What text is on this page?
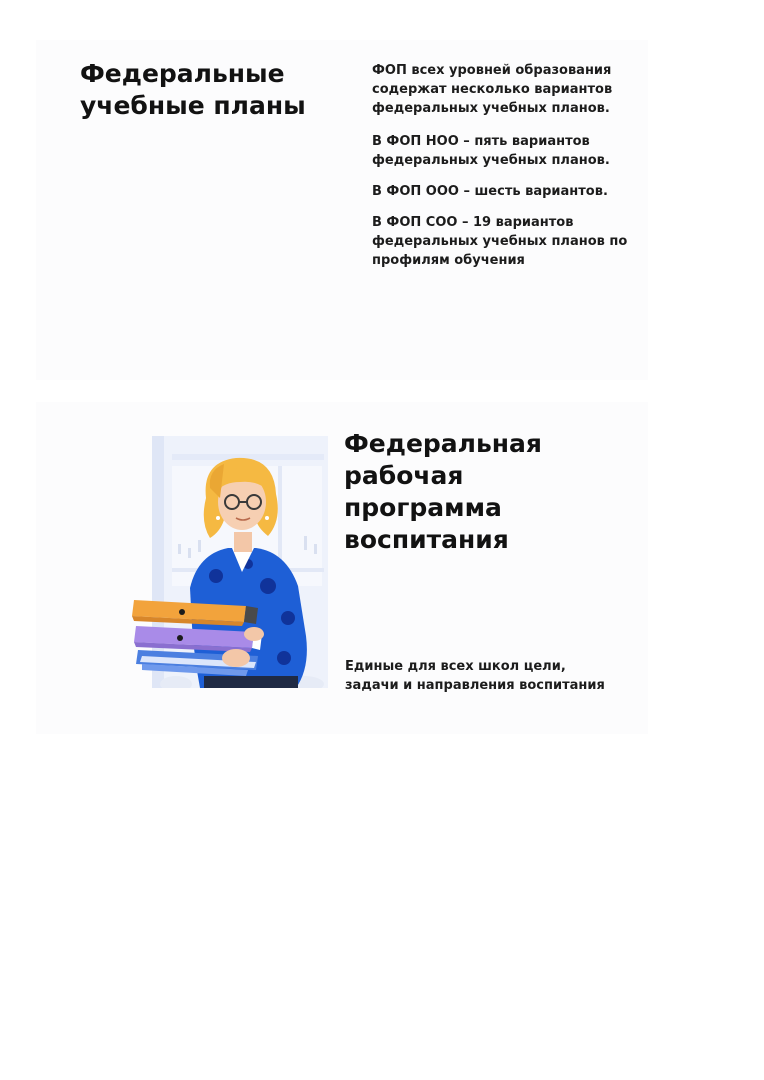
Федеральные
учебные планы

ФОП всех уровней образования содержат несколько вариантов федеральных учебных планов.

В ФОП НОО – пять вариантов федеральных учебных планов.

В ФОП ООО – шесть вариантов.

В ФОП СОО – 19 вариантов федеральных учебных планов по профилям обучения

Федеральная
рабочая
программа
воспитания

Единые для всех школ цели, задачи и направления воспитания
